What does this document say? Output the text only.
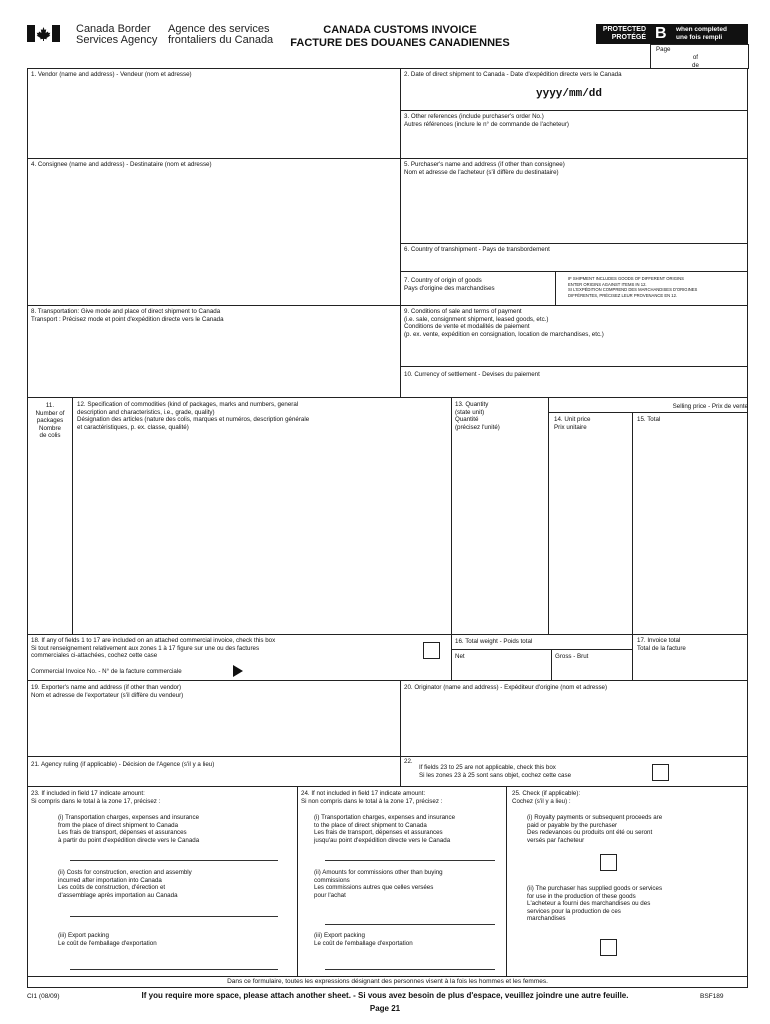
Canada Border
Services Agency
Agence des services
frontaliers du Canada
CANADA CUSTOMS INVOICE
FACTURE DES DOUANES CANADIENNES
PROTECTED
PROTÉGÉ B when completed
une fois rempli
Page
of
de
1. Vendor (name and address) - Vendeur (nom et adresse)	2. Date of direct shipment to Canada - Date d'expédition directe vers le Canada
yyyy/mm/dd
3. Other references (include purchaser's order No.)
Autres références (inclure le n° de commande de l'acheteur)
4. Consignee (name and address) - Destinataire (nom et adresse)	5. Purchaser's name and address (if other than consignee)
Nom et adresse de l'acheteur (s'il diffère du destinataire)
6. Country of transhipment - Pays de transbordement
7. Country of origin of goods
Pays d'origine des marchandises
IF SHIPMENT INCLUDES GOODS OF DIFFERENT ORIGINS
ENTER ORIGINS AGAINST ITEMS IN 12.
SI L'EXPÉDITION COMPREND DES MARCHANDISES D'ORIGINES
DIFFÉRENTES, PRÉCISEZ LEUR PROVENANCE EN 12.
8. Transportation: Give mode and place of direct shipment to Canada
Transport : Précisez mode et point d'expédition directe vers le Canada
9. Conditions of sale and terms of payment
(i.e. sale, consignment shipment, leased goods, etc.)
Conditions de vente et modalités de paiement
(p. ex. vente, expédition en consignation, location de marchandises, etc.)
10. Currency of settlement - Devises du paiement
11.
Number of
packages
Nombre
de colis
12. Specification of commodities (kind of packages, marks and numbers, general
description and characteristics, i.e., grade, quality)
Désignation des articles (nature des colis, marques et numéros, description générale
et caractéristiques, p. ex. classe, qualité)
13. Quantity
(state unit)
Quantité
(précisez l'unité)
Selling price - Prix de vente
14. Unit price
Prix unitaire
15. Total
18. If any of fields 1 to 17 are included on an attached commercial invoice, check this box
Si tout renseignement relativement aux zones 1 à 17 figure sur une ou des factures
commerciales ci-attachées, cochez cette case
Commercial Invoice No. - N° de la facture commerciale
16. Total weight - Poids total
Net	Gross - Brut
17. Invoice total
Total de la facture
19. Exporter's name and address (if other than vendor)
Nom et adresse de l'exportateur (s'il diffère du vendeur)
20. Originator (name and address) - Expéditeur d'origine (nom et adresse)
21. Agency ruling (if applicable) - Décision de l'Agence (s'il y a lieu)	22.
If fields 23 to 25 are not applicable, check this box
Si les zones 23 à 25 sont sans objet, cochez cette case
23. If included in field 17 indicate amount:
Si compris dans le total à la zone 17, précisez :
(i) Transportation charges, expenses and insurance
from the place of direct shipment to Canada
Les frais de transport, dépenses et assurances
à partir du point d'expédition directe vers le Canada
(ii) Costs for construction, erection and assembly
incurred after importation into Canada
Les coûts de construction, d'érection et
d'assemblage après importation au Canada
(iii) Export packing
Le coût de l'emballage d'exportation
24. If not included in field 17 indicate amount:
Si non compris dans le total à la zone 17, précisez :
(i) Transportation charges, expenses and insurance
to the place of direct shipment to Canada
Les frais de transport, dépenses et assurances
jusqu'au point d'expédition directe vers le Canada
(ii) Amounts for commissions other than buying
commissions
Les commissions autres que celles versées
pour l'achat
(iii) Export packing
Le coût de l'emballage d'exportation
25. Check (if applicable):
Cochez (s'il y a lieu) :
(i) Royalty payments or subsequent proceeds are
paid or payable by the purchaser
Des redevances ou produits ont été ou seront
versés par l'acheteur
(ii) The purchaser has supplied goods or services
for use in the production of these goods
L'acheteur a fourni des marchandises ou des
services pour la production de ces
marchandises
Dans ce formulaire, toutes les expressions désignant des personnes visent à la fois les hommes et les femmes.
CI1 (08/09)	If you require more space, please attach another sheet. - Si vous avez besoin de plus d'espace, veuillez joindre une autre feuille.	BSF189
Page 21
